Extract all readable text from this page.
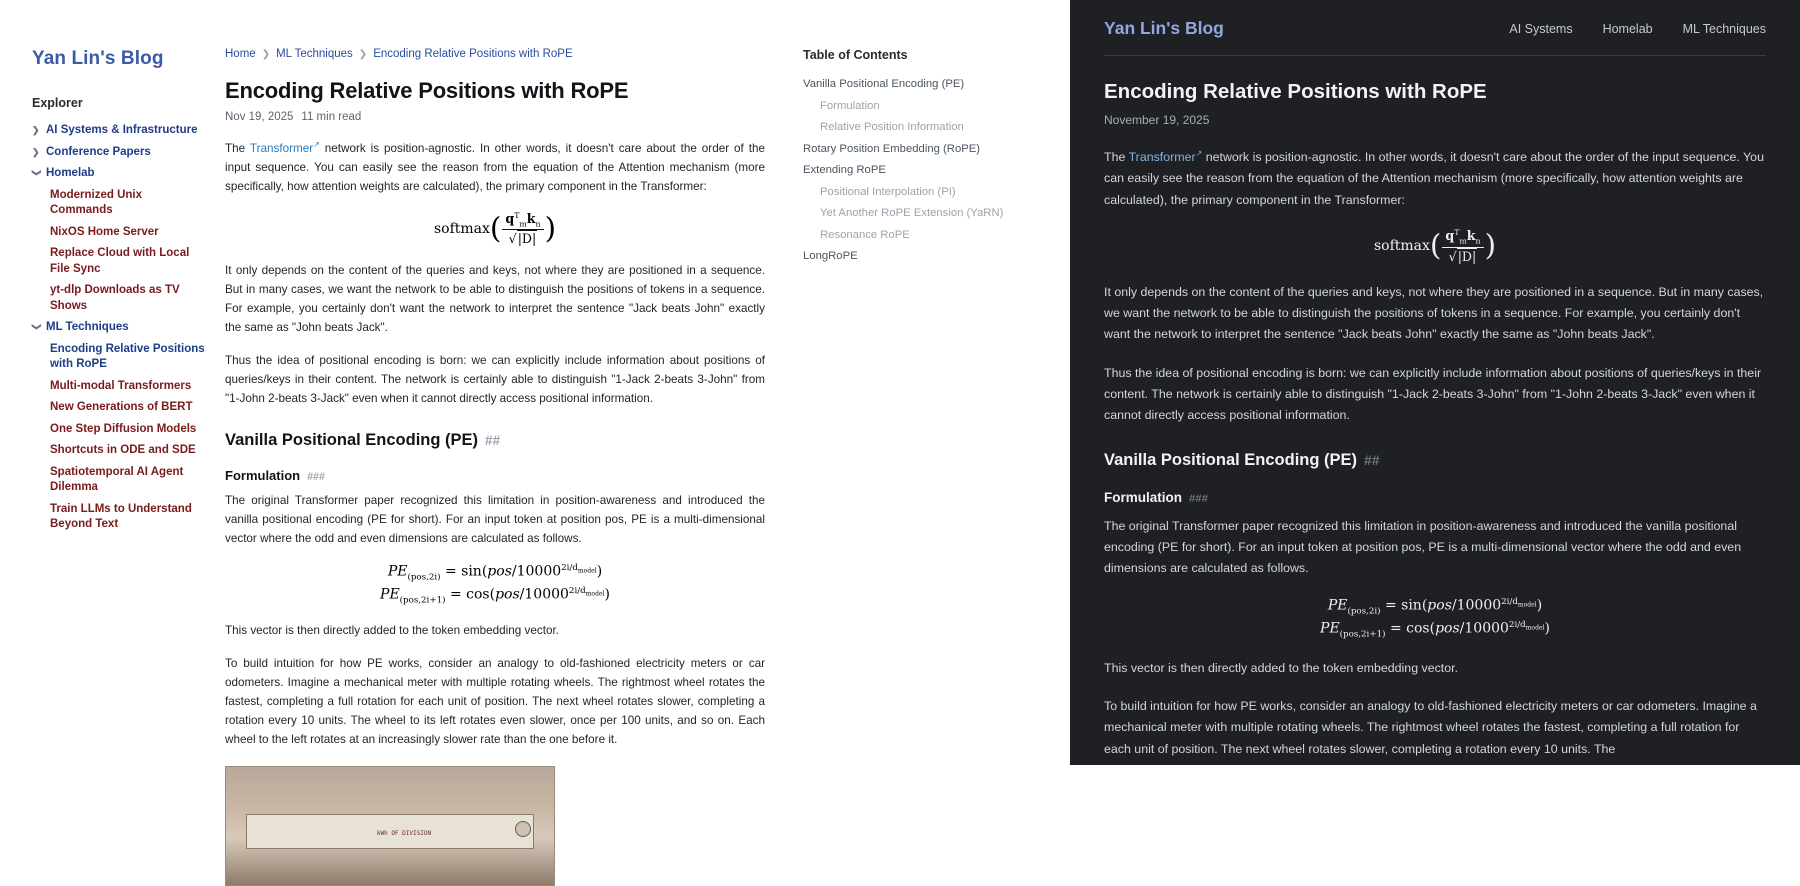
Yan Lin's Blog
Explorer
❯ AI Systems & Infrastructure
❯ Conference Papers
❯ Homelab
Modernized Unix Commands
NixOS Home Server
Replace Cloud with Local File Sync
yt-dlp Downloads as TV Shows
❯ ML Techniques
Encoding Relative Positions with RoPE
Multi-modal Transformers
New Generations of BERT
One Step Diffusion Models
Shortcuts in ODE and SDE
Spatiotemporal AI Agent Dilemma
Train LLMs to Understand Beyond Text
Home ❯ ML Techniques ❯ Encoding Relative Positions with RoPE
Encoding Relative Positions with RoPE
Nov 19, 2025 11 min read

The Transformer↗ network is position-agnostic. In other words, it doesn't care about the order of the input sequence. You can easily see the reason from the equation of the Attention mechanism (more specifically, how attention weights are calculated), the primary component in the Transformer:

softmax( $\frac{q^T_mk_n}{√|D|}$ )

It only depends on the content of the queries and keys, not where they are positioned in a sequence. But in many cases, we want the network to be able to distinguish the positions of tokens in a sequence. For example, you certainly don't want the network to interpret the sentence "Jack beats John" exactly the same as "John beats Jack".

Thus the idea of positional encoding is born: we can explicitly include information about positions of queries/keys in their content. The network is certainly able to distinguish "1-Jack 2-beats 3-John" from "1-John 2-beats 3-Jack" even when it cannot directly access positional information.

Vanilla Positional Encoding (PE) ##
Formulation ###

The original Transformer paper recognized this limitation in position-awareness and introduced the vanilla positional encoding (PE for short). For an input token at position pos, PE is a multi-dimensional vector where the odd and even dimensions are calculated as follows.

$PE_{(pos,2i)} = \sin(pos/10000^{2i/d_{model}})$
$PE_{(pos,2i+1)} = \cos(pos/10000^{2i/d_{model}})$

This vector is then directly added to the token embedding vector.

To build intuition for how PE works, consider an analogy to old-fashioned electricity meters or car odometers. Imagine a mechanical meter with multiple rotating wheels. The rightmost wheel rotates the fastest, completing a full rotation for each unit of position. The next wheel rotates slower, completing a rotation every 10 units. The wheel to its left rotates even slower, once per 100 units, and so on. Each wheel to the left rotates at an increasingly slower rate than the one before it.

kWh OF DIVISION
Table of Contents
Vanilla Positional Encoding (PE)
Formulation
Relative Position Information
Rotary Position Embedding (RoPE)
Extending RoPE
Positional Interpolation (PI)
Yet Another RoPE Extension (YaRN)
Resonance RoPE
LongRoPE
Yan Lin's Blog	AI Systems Homelab ML Techniques
Encoding Relative Positions with RoPE
November 19, 2025

The Transformer↗ network is position-agnostic. In other words, it doesn't care about the order of the input sequence. You can easily see the reason from the equation of the Attention mechanism (more specifically, how attention weights are calculated), the primary component in the Transformer:

softmax( $\frac{q^T_mk_n}{√|D|}$ )

It only depends on the content of the queries and keys, not where they are positioned in a sequence. But in many cases, we want the network to be able to distinguish the positions of tokens in a sequence. For example, you certainly don't want the network to interpret the sentence "Jack beats John" exactly the same as "John beats Jack".

Thus the idea of positional encoding is born: we can explicitly include information about positions of queries/keys in their content. The network is certainly able to distinguish "1-Jack 2-beats 3-John" from "1-John 2-beats 3-Jack" even when it cannot directly access positional information.

Vanilla Positional Encoding (PE) ##
Formulation ###

The original Transformer paper recognized this limitation in position-awareness and introduced the vanilla positional encoding (PE for short). For an input token at position pos, PE is a multi-dimensional vector where the odd and even dimensions are calculated as follows.

$PE_{(pos,2i)} = \sin(pos/10000^{2i/d_{model}})$
$PE_{(pos,2i+1)} = \cos(pos/10000^{2i/d_{model}})$

This vector is then directly added to the token embedding vector.

To build intuition for how PE works, consider an analogy to old-fashioned electricity meters or car odometers. Imagine a mechanical meter with multiple rotating wheels. The rightmost wheel rotates the fastest, completing a full rotation for each unit of position. The next wheel rotates slower, completing a rotation every 10 units. The
